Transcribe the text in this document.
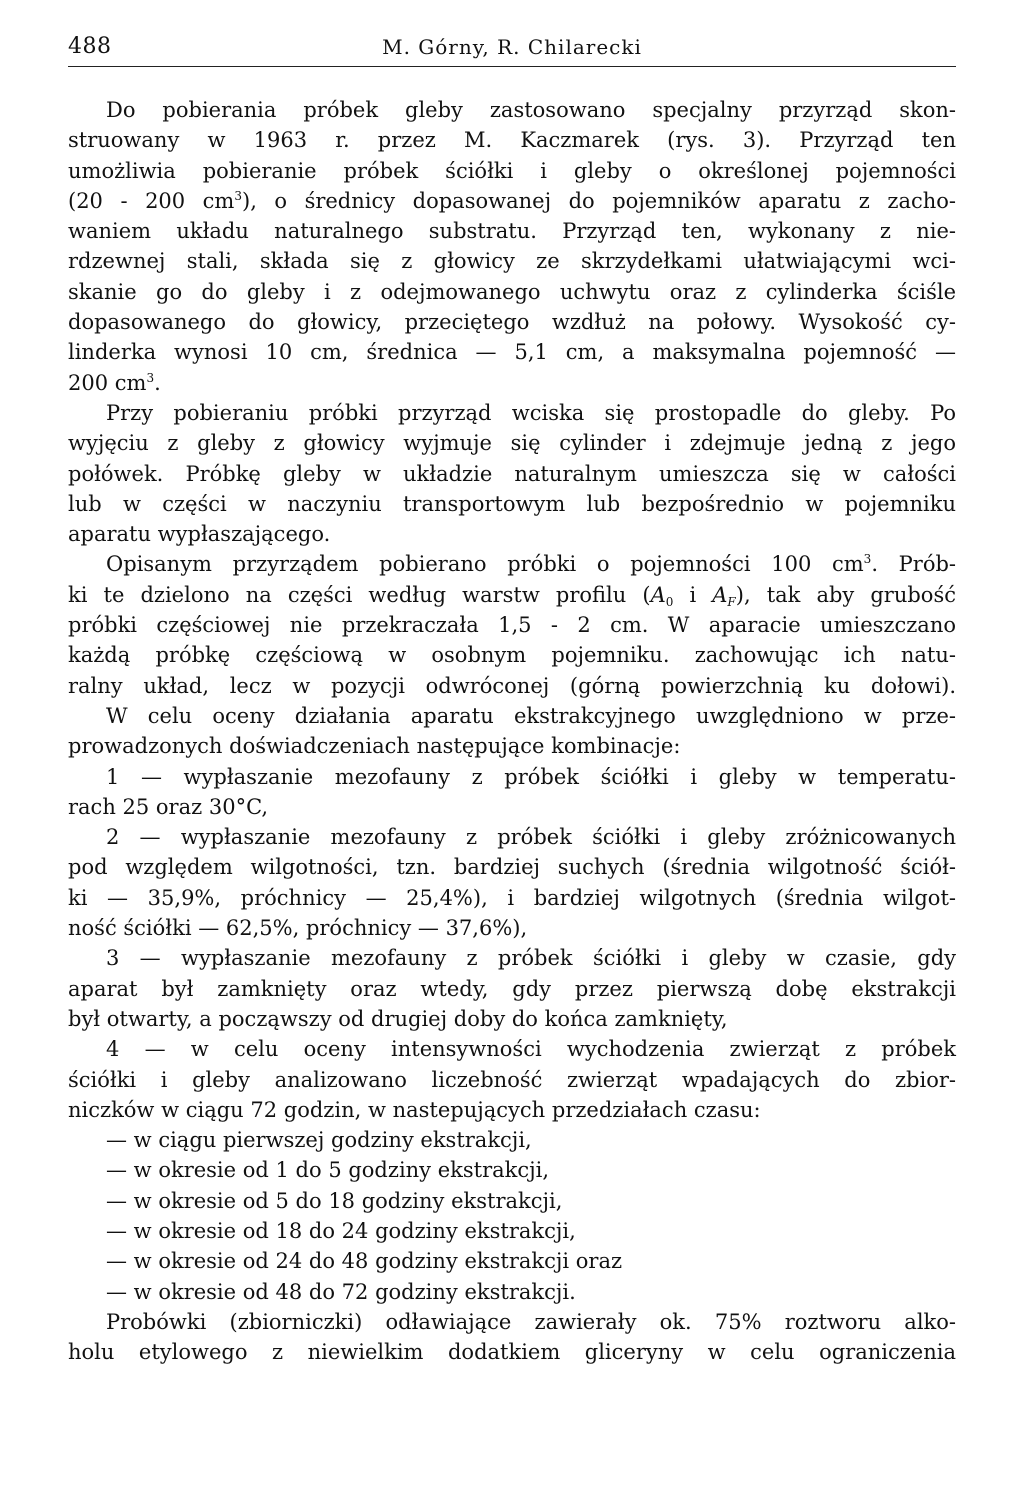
488	M. Górny, R. Chilarecki
Do pobierania próbek gleby zastosowano specjalny przyrząd skon-
struowany w 1963 r. przez M. Kaczmarek (rys. 3). Przyrząd ten
umożliwia pobieranie próbek ściółki i gleby o określonej pojemności
(20 - 200 $cm^3$), o średnicy dopasowanej do pojemników aparatu z zacho-
waniem układu naturalnego substratu. Przyrząd ten, wykonany z nie-
rdzewnej stali, składa się z głowicy ze skrzydełkami ułatwiającymi wci-
skanie go do gleby i z odejmowanego uchwytu oraz z cylinderka ściśle
dopasowanego do głowicy, przeciętego wzdłuż na połowy. Wysokość cy-
linderka wynosi 10 cm, średnica — 5,1 cm, a maksymalna pojemność —
200 $cm^3$.
Przy pobieraniu próbki przyrząd wciska się prostopadle do gleby. Po
wyjęciu z gleby z głowicy wyjmuje się cylinder i zdejmuje jedną z jego
połówek. Próbkę gleby w układzie naturalnym umieszcza się w całości
lub w części w naczyniu transportowym lub bezpośrednio w pojemniku
aparatu wypłaszającego.
Opisanym przyrządem pobierano próbki o pojemności 100 $cm^3$. Prób-
ki te dzielono na części według warstw profilu ($A_0$ i $A_F$), tak aby grubość
próbki częściowej nie przekraczała 1,5 - 2 cm. W aparacie umieszczano
każdą próbkę częściową w osobnym pojemniku. zachowując ich natu-
ralny układ, lecz w pozycji odwróconej (górną powierzchnią ku dołowi).
W celu oceny działania aparatu ekstrakcyjnego uwzględniono w prze-
prowadzonych doświadczeniach następujące kombinacje:
1 — wypłaszanie mezofauny z próbek ściółki i gleby w temperatu-
rach 25 oraz 30°C,
2 — wypłaszanie mezofauny z próbek ściółki i gleby zróżnicowanych
pod względem wilgotności, tzn. bardziej suchych (średnia wilgotność ściół-
ki — 35,9%, próchnicy — 25,4%), i bardziej wilgotnych (średnia wilgot-
ność ściółki — 62,5%, próchnicy — 37,6%),
3 — wypłaszanie mezofauny z próbek ściółki i gleby w czasie, gdy
aparat był zamknięty oraz wtedy, gdy przez pierwszą dobę ekstrakcji
był otwarty, a począwszy od drugiej doby do końca zamknięty,
4 — w celu oceny intensywności wychodzenia zwierząt z próbek
ściółki i gleby analizowano liczebność zwierząt wpadających do zbior-
niczków w ciągu 72 godzin, w nastepujących przedziałach czasu:
— w ciągu pierwszej godziny ekstrakcji,
— w okresie od 1 do 5 godziny ekstrakcji,
— w okresie od 5 do 18 godziny ekstrakcji,
— w okresie od 18 do 24 godziny ekstrakcji,
— w okresie od 24 do 48 godziny ekstrakcji oraz
— w okresie od 48 do 72 godziny ekstrakcji.
Probówki (zbiorniczki) odławiające zawierały ok. 75% roztworu alko-
holu etylowego z niewielkim dodatkiem gliceryny w celu ograniczenia
